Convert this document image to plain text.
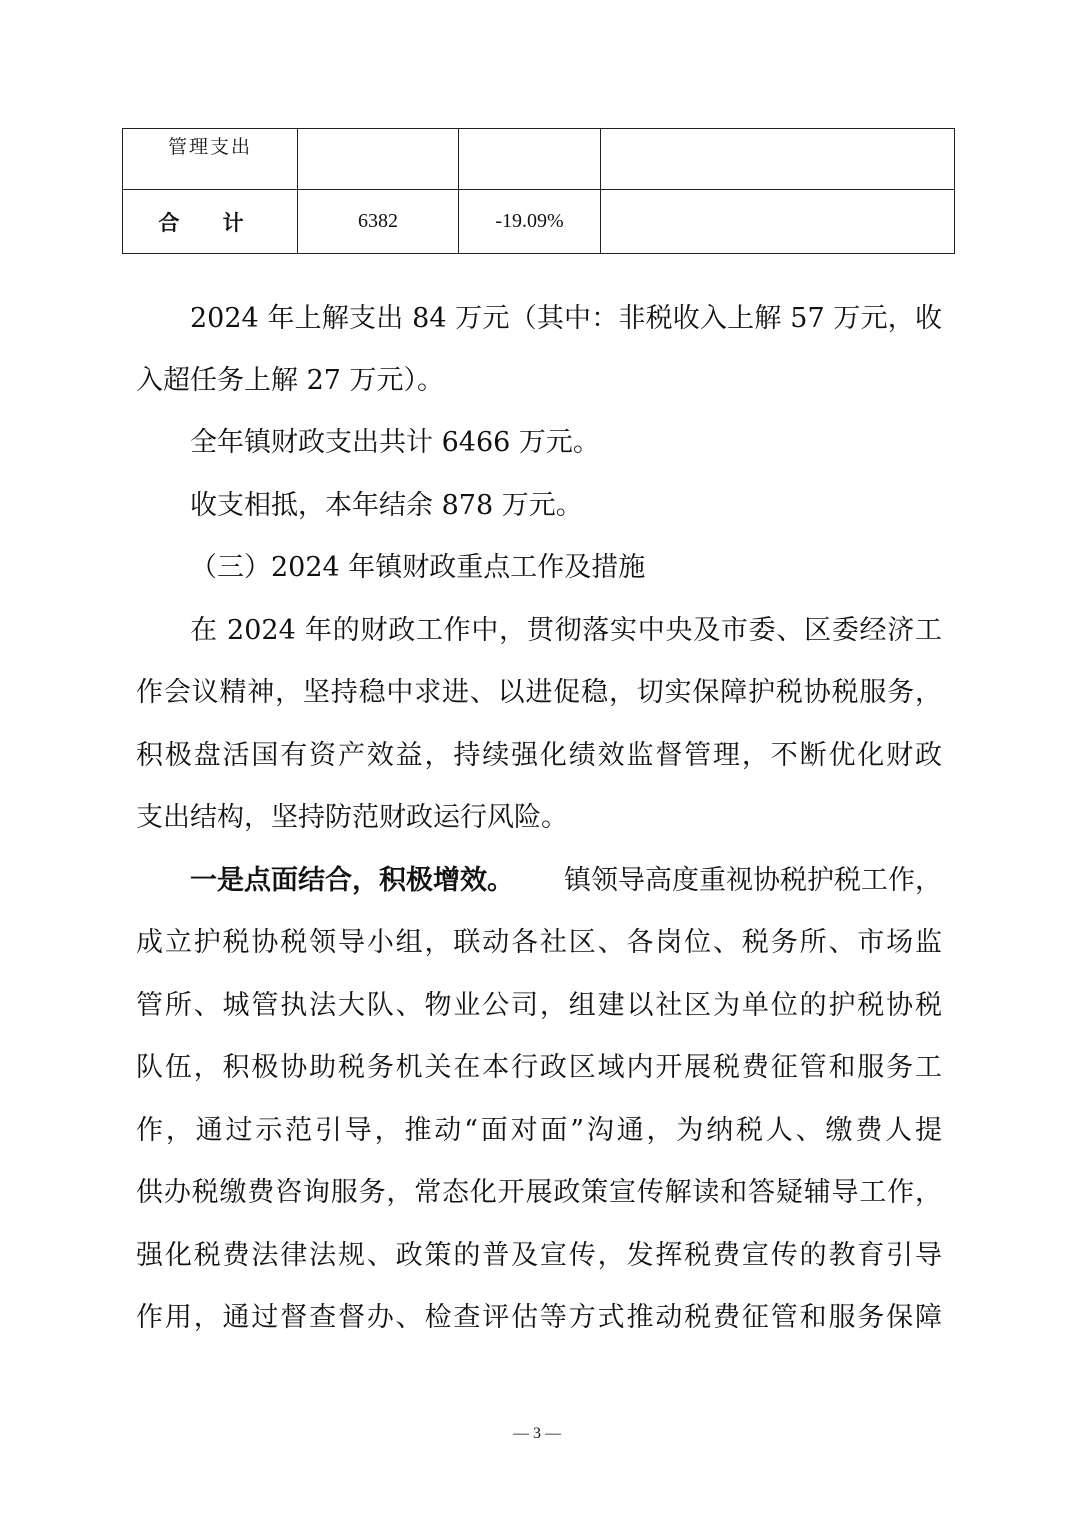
管理支出			

合 计	6382	-19.09%	

2024 年上解支出 84 万元（其中：非税收入上解 57 万元，收

入超任务上解 27 万元）。

全年镇财政支出共计 6466 万元。

收支相抵，本年结余 878 万元。

（三）2024 年镇财政重点工作及措施

在 2024 年的财政工作中，贯彻落实中央及市委、区委经济工

作会议精神，坚持稳中求进、以进促稳，切实保障护税协税服务，

积极盘活国有资产效益，持续强化绩效监督管理，不断优化财政

支出结构，坚持防范财政运行风险。

一是点面结合，积极增效。 镇领导高度重视协税护税工作，

成立护税协税领导小组，联动各社区、各岗位、税务所、市场监

管所、城管执法大队、物业公司，组建以社区为单位的护税协税

队伍，积极协助税务机关在本行政区域内开展税费征管和服务工

作，通过示范引导，推动“面对面”沟通，为纳税人、缴费人提

供办税缴费咨询服务，常态化开展政策宣传解读和答疑辅导工作，

强化税费法律法规、政策的普及宣传，发挥税费宣传的教育引导

作用，通过督查督办、检查评估等方式推动税费征管和服务保障

— 3 —
